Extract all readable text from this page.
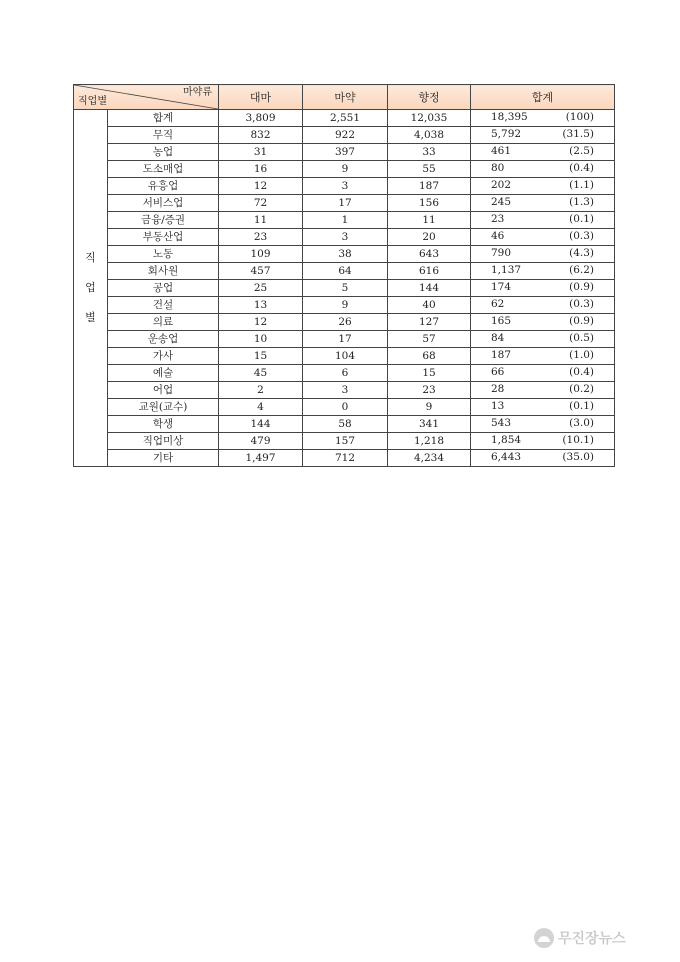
마약류
직업별		대마	마약	향정	합계

직
업
별	합계	3,809	2,551	12,035	18,395 (100)

	무직	832	922	4,038	5,792 (31.5)

	농업	31	397	33	461 (2.5)

	도소매업	16	9	55	80 (0.4)

	유흥업	12	3	187	202 (1.1)

	서비스업	72	17	156	245 (1.3)

	금융/증권	11	1	11	23 (0.1)

	부동산업	23	3	20	46 (0.3)

	노동	109	38	643	790 (4.3)

	회사원	457	64	616	1,137 (6.2)

	공업	25	5	144	174 (0.9)

	건설	13	9	40	62 (0.3)

	의료	12	26	127	165 (0.9)

	운송업	10	17	57	84 (0.5)

	가사	15	104	68	187 (1.0)

	예술	45	6	15	66 (0.4)

	어업	2	3	23	28 (0.2)

	교원(교수)	4	0	9	13 (0.1)

	학생	144	58	341	543 (3.0)

	직업미상	479	157	1,218	1,854 (10.1)

	기타	1,497	712	4,234	6,443 (35.0)
무진장뉴스
